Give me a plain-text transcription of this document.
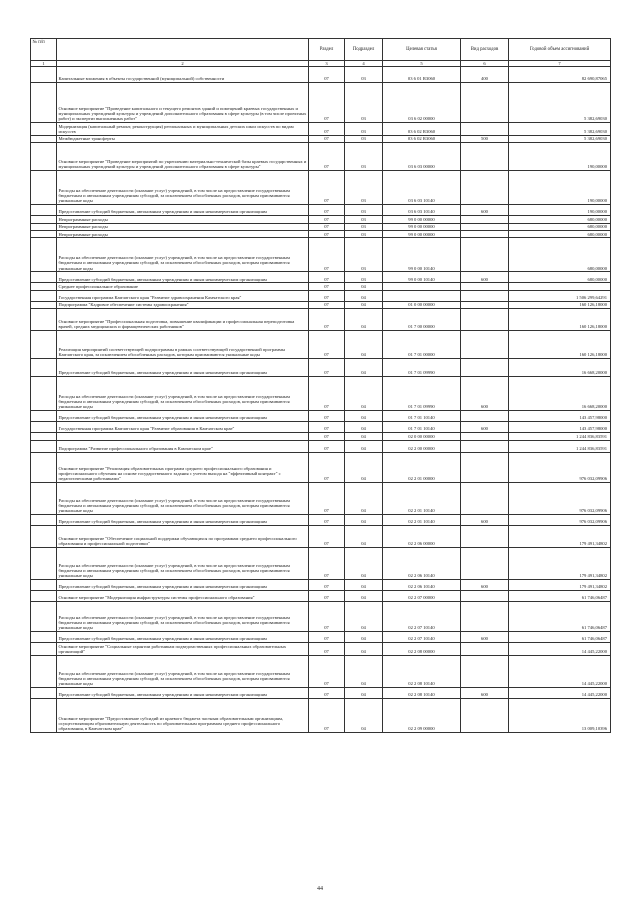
№ п/п		Раздел	Подраздел	Целевая статья	Вид расходов	Годовой объем ассигнований
1	2	3	4	5	6	7
	Капитальные вложения в объекты государственной (муниципальной) собственности	07	03	03 6 01 R3060	400	82 690,87065
	Основное мероприятие "Проведение капитального и текущего ремонтов зданий и помещений краевых государственных и муниципальных учреждений культуры и учреждений дополнительного образования в сфере культуры (в том числе проектных работ) и экспертиз выполненных работ"	07	03	03 6 02 00000		5 382,69030
	Модернизация (капитальный ремонт, реконструкция) региональных и муниципальных детских школ искусств по видам искусств	07	03	03 6 02 R3060		5 382,69030
	Межбюджетные трансферты	07	03	03 6 02 R3060	500	5 382,69030
	Основное мероприятие "Проведение мероприятий по укреплению материально-технической базы краевых государственных и муниципальных учреждений культуры и учреждений дополнительного образования в сфере культуры"	07	03	03 6 03 00000		190,00000
	Расходы на обеспечение деятельности (оказание услуг) учреждений, в том числе на предоставление государственным бюджетным и автономным учреждениям субсидий, за исключением обособленных расходов, которым присваиваются уникальные коды	07	03	03 6 03 10140		190,00000
	Предоставление субсидий бюджетным, автономным учреждениям и иным некоммерческим организациям	07	03	03 6 03 10140	600	190,00000
	Непрограммные расходы	07	03	99 0 00 00000		680,00000
	Непрограммные расходы	07	03	99 0 00 00000		680,00000
	Непрограммные расходы	07	03	99 0 00 00000		680,00000
	Расходы на обеспечение деятельности (оказание услуг) учреждений, в том числе на предоставление государственным бюджетным и автономным учреждениям субсидий, за исключением обособленных расходов, которым присваиваются уникальные коды	07	03	99 0 00 10140		680,00000
	Предоставление субсидий бюджетным, автономным учреждениям и иным некоммерческим организациям	07	03	99 0 00 10140	600	680,00000
	Среднее профессиональное образование	07	04			
	Государственная программа Камчатского края "Развитие здравоохранения Камчатского края"	07	04			1 506 299,64291
	Подпрограмма "Кадровое обеспечение системы здравоохранения"	07	04	01 0 00 00000		160 126,18000
	Основное мероприятие "Профессиональная подготовка, повышение квалификации и профессиональная переподготовка врачей, средних медицинских и фармацевтических работников"	07	04	01 7 00 00000		160 126,18000
	Реализация мероприятий соответствующей подпрограммы в рамках соответствующей государственной программы Камчатского края, за исключением обособленных расходов, которым присваиваются уникальные коды	07	04	01 7 01 00000		160 126,18000
	Предоставление субсидий бюджетным, автономным учреждениям и иным некоммерческим организациям	07	04	01 7 01 09990		16 668,20000
	Расходы на обеспечение деятельности (оказание услуг) учреждений, в том числе на предоставление государственным бюджетным и автономным учреждениям субсидий, за исключением обособленных расходов, которым присваиваются уникальные коды	07	04	01 7 01 09990	600	16 668,20000
	Предоставление субсидий бюджетным, автономным учреждениям и иным некоммерческим организациям	07	04	01 7 01 10140		143 457,98000
	Государственная программа Камчатского края "Развитие образования в Камчатском крае"	07	04	01 7 01 10140	600	143 457,98000
		07	04	02 0 00 00000		1 244 836,83591
	Подпрограмма "Развитие профессионального образования в Камчатском крае"	07	04	02 2 00 00000		1 244 836,83591
	Основное мероприятие "Реализация образовательных программ среднего профессионального образования и профессионального обучения на основе государственного задания с учетом выхода на "эффективный контракт" с педагогическими работниками"	07	04	02 2 01 00000		976 032,09906
	Расходы на обеспечение деятельности (оказание услуг) учреждений, в том числе на предоставление государственным бюджетным и автономным учреждениям субсидий, за исключением обособленных расходов, которым присваиваются уникальные коды	07	04	02 2 01 10140		976 032,09906
	Предоставление субсидий бюджетным, автономным учреждениям и иным некоммерческим организациям	07	04	02 2 01 10140	600	976 032,09906
	Основное мероприятие "Обеспечение социальной поддержки обучающихся по программам среднего профессионального образования и профессиональной подготовки"	07	04	02 2 06 00000		179 491,34802
	Расходы на обеспечение деятельности (оказание услуг) учреждений, в том числе на предоставление государственным бюджетным и автономным учреждениям субсидий, за исключением обособленных расходов, которым присваиваются уникальные коды	07	04	02 2 06 10140		179 491,34802
	Предоставление субсидий бюджетным, автономным учреждениям и иным некоммерческим организациям	07	04	02 2 06 10140	600	179 491,34802
	Основное мероприятие "Модернизация инфраструктуры системы профессионального образования"	07	04	02 2 07 00000		61 746,06487
	Расходы на обеспечение деятельности (оказание услуг) учреждений, в том числе на предоставление государственным бюджетным и автономным учреждениям субсидий, за исключением обособленных расходов, которым присваиваются уникальные коды	07	04	02 2 07 10140		61 746,06487
	Предоставление субсидий бюджетным, автономным учреждениям и иным некоммерческим организациям	07	04	02 2 07 10140	600	61 746,06487
	Основное мероприятие "Социальные гарантии работникам подведомственных профессиональных образовательных организаций"	07	04	02 2 08 00000		14 445,22000
	Расходы на обеспечение деятельности (оказание услуг) учреждений, в том числе на предоставление государственным бюджетным и автономным учреждениям субсидий, за исключением обособленных расходов, которым присваиваются уникальные коды	07	04	02 2 08 10140		14 445,22000
	Предоставление субсидий бюджетным, автономным учреждениям и иным некоммерческим организациям	07	04	02 2 08 10140	600	14 445,22000
	Основное мероприятие "Предоставление субсидий из краевого бюджета частным образовательным организациям, осуществляющим образовательную деятельность по образовательным программам среднего профессионального образования, в Камчатском крае"	07	04	02 2 09 00000		13 009,10396
44
